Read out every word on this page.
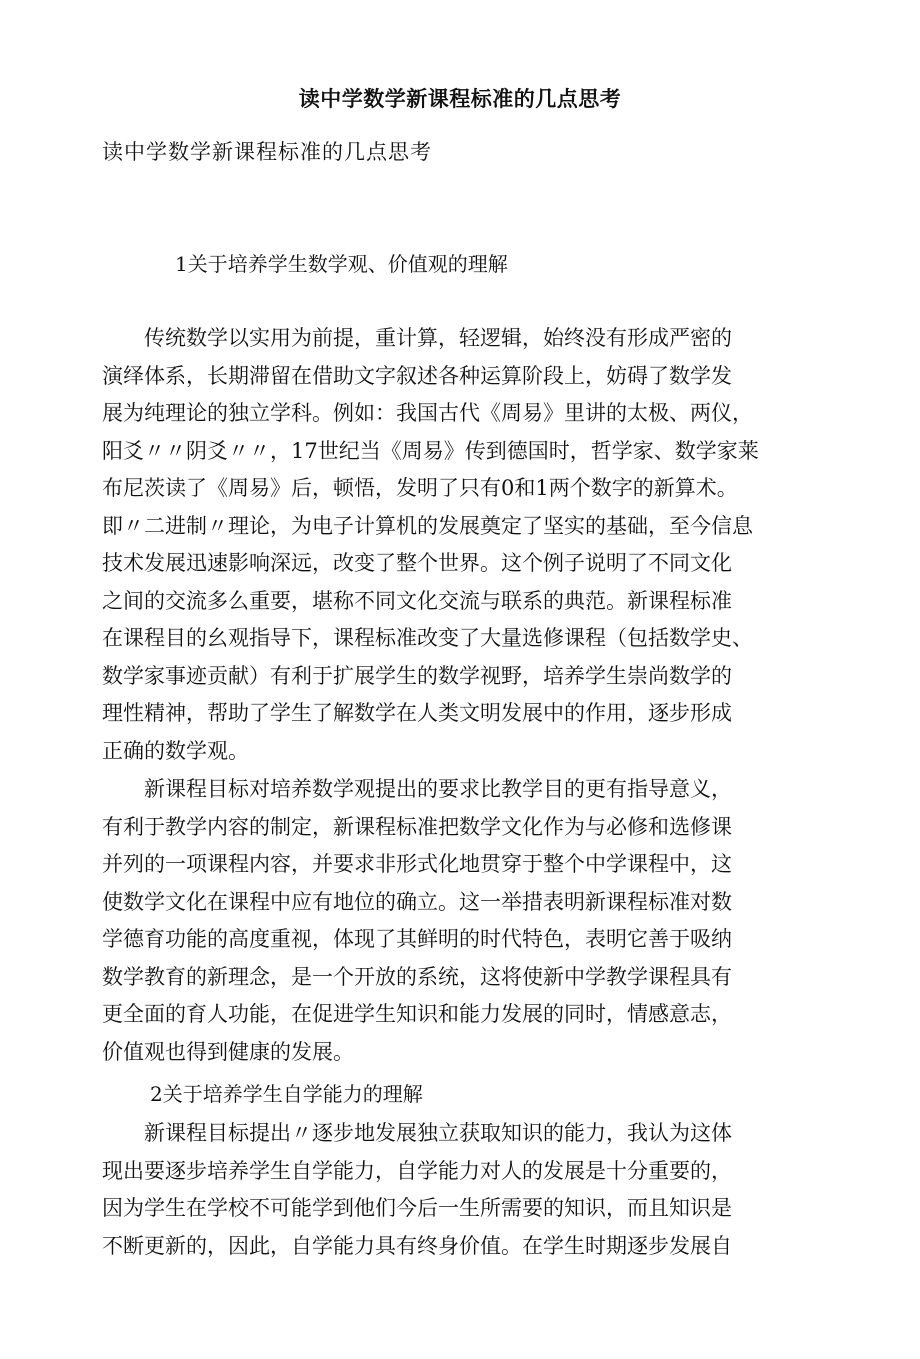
读中学数学新课程标准的几点思考
读中学数学新课程标准的几点思考
1关于培养学生数学观、价值观的理解
　　传统数学以实用为前提，重计算，轻逻辑，始终没有形成严密的
演绎体系，长期滞留在借助文字叙述各种运算阶段上，妨碍了数学发
展为纯理论的独立学科。例如：我国古代《周易》里讲的太极、两仪，
阳爻〃〃阴爻〃〃，17世纪当《周易》传到德国时，哲学家、数学家莱
布尼茨读了《周易》后，顿悟，发明了只有0和1两个数字的新算术。
即〃二进制〃理论，为电子计算机的发展奠定了坚实的基础，至今信息
技术发展迅速影响深远，改变了整个世界。这个例子说明了不同文化
之间的交流多么重要，堪称不同文化交流与联系的典范。新课程标准
在课程目的幺观指导下，课程标准改变了大量选修课程（包括数学史、
数学家事迹贡献）有利于扩展学生的数学视野，培养学生崇尚数学的
理性精神，帮助了学生了解数学在人类文明发展中的作用，逐步形成
正确的数学观。
　　新课程目标对培养数学观提出的要求比教学目的更有指导意义，
有利于教学内容的制定，新课程标准把数学文化作为与必修和选修课
并列的一项课程内容，并要求非形式化地贯穿于整个中学课程中，这
使数学文化在课程中应有地位的确立。这一举措表明新课程标准对数
学德育功能的高度重视，体现了其鲜明的时代特色，表明它善于吸纳
数学教育的新理念，是一个开放的系统，这将使新中学教学课程具有
更全面的育人功能，在促进学生知识和能力发展的同时，情感意志，
价值观也得到健康的发展。
2关于培养学生自学能力的理解
　　新课程目标提出〃逐步地发展独立获取知识的能力，我认为这体
现出要逐步培养学生自学能力，自学能力对人的发展是十分重要的，
因为学生在学校不可能学到他们今后一生所需要的知识，而且知识是
不断更新的，因此，自学能力具有终身价值。在学生时期逐步发展自
